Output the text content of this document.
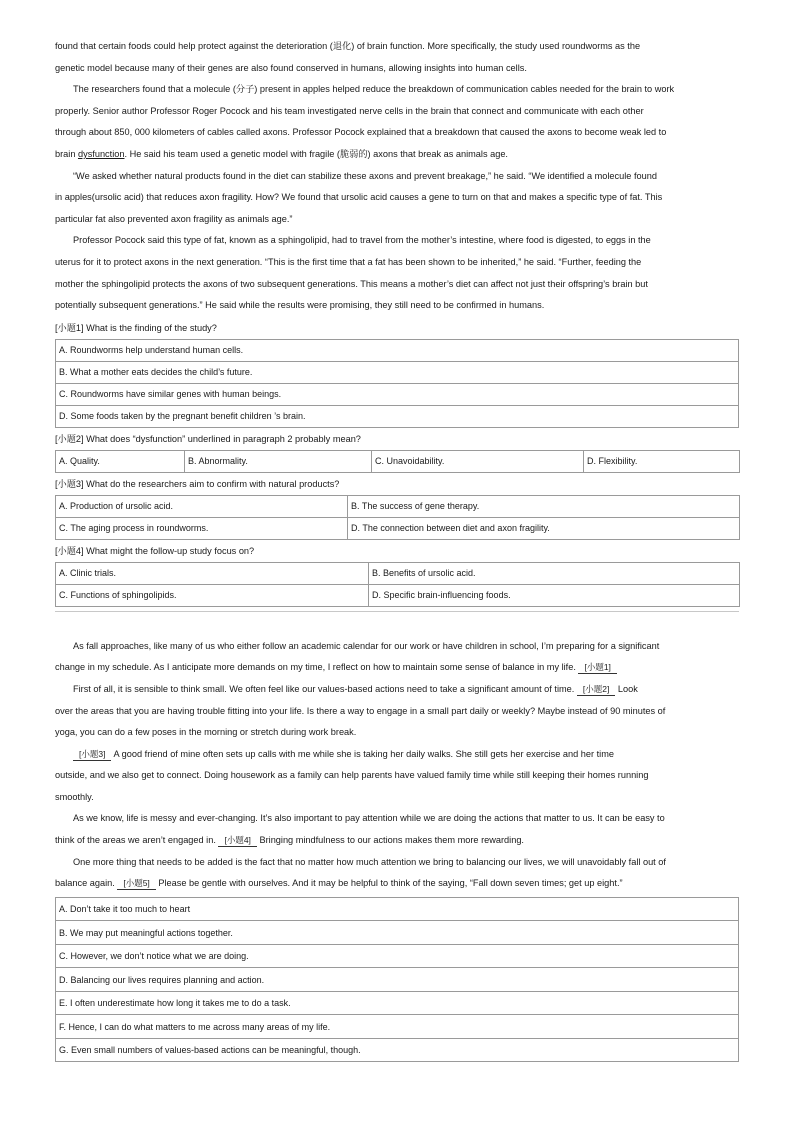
found that certain foods could help protect against the deterioration (退化) of brain function. More specifically, the study used roundworms as the
genetic model because many of their genes are also found conserved in humans, allowing insights into human cells.
The researchers found that a molecule (分子) present in apples helped reduce the breakdown of communication cables needed for the brain to work
properly. Senior author Professor Roger Pocock and his team investigated nerve cells in the brain that connect and communicate with each other
through about 850, 000 kilometers of cables called axons. Professor Pocock explained that a breakdown that caused the axons to become weak led to
brain dysfunction. He said his team used a genetic model with fragile (脆弱的) axons that break as animals age.
“We asked whether natural products found in the diet can stabilize these axons and prevent breakage,” he said. “We identified a molecule found
in apples(ursolic acid) that reduces axon fragility. How? We found that ursolic acid causes a gene to turn on that and makes a specific type of fat. This
particular fat also prevented axon fragility as animals age.”
Professor Pocock said this type of fat, known as a sphingolipid, had to travel from the mother’s intestine, where food is digested, to eggs in the
uterus for it to protect axons in the next generation. “This is the first time that a fat has been shown to be inherited,” he said. “Further, feeding the
mother the sphingolipid protects the axons of two subsequent generations. This means a mother’s diet can affect not just their offspring’s brain but
potentially subsequent generations.” He said while the results were promising, they still need to be confirmed in humans.
[小题1] What is the finding of the study?
A. Roundworms help understand human cells.
B. What a mother eats decides the child’s future.
C. Roundworms have similar genes with human beings.
D. Some foods taken by the pregnant benefit children ’s brain.
[小题2] What does “dysfunction” underlined in paragraph 2 probably mean?
A. Quality.	B. Abnormality.	C. Unavoidability.	D. Flexibility.
[小题3] What do the researchers aim to confirm with natural products?
A. Production of ursolic acid.	B. The success of gene therapy.
C. The aging process in roundworms.	D. The connection between diet and axon fragility.
[小题4] What might the follow-up study focus on?
A. Clinic trials.	B. Benefits of ursolic acid.
C. Functions of sphingolipids.	D. Specific brain-influencing foods.
As fall approaches, like many of us who either follow an academic calendar for our work or have children in school, I’m preparing for a significant
change in my schedule. As I anticipate more demands on my time, I reflect on how to maintain some sense of balance in my life. [小题1]
First of all, it is sensible to think small. We often feel like our values-based actions need to take a significant amount of time. [小题2] Look
over the areas that you are having trouble fitting into your life. Is there a way to engage in a small part daily or weekly? Maybe instead of 90 minutes of
yoga, you can do a few poses in the morning or stretch during work break.
[小题3] A good friend of mine often sets up calls with me while she is taking her daily walks. She still gets her exercise and her time
outside, and we also get to connect. Doing housework as a family can help parents have valued family time while still keeping their homes running
smoothly.
As we know, life is messy and ever-changing. It’s also important to pay attention while we are doing the actions that matter to us. It can be easy to
think of the areas we aren’t engaged in. [小题4] Bringing mindfulness to our actions makes them more rewarding.
One more thing that needs to be added is the fact that no matter how much attention we bring to balancing our lives, we will unavoidably fall out of
balance again. [小题5] Please be gentle with ourselves. And it may be helpful to think of the saying, “Fall down seven times; get up eight.”
A. Don’t take it too much to heart
B. We may put meaningful actions together.
C. However, we don’t notice what we are doing.
D. Balancing our lives requires planning and action.
E. I often underestimate how long it takes me to do a task.
F. Hence, I can do what matters to me across many areas of my life.
G. Even small numbers of values-based actions can be meaningful, though.
